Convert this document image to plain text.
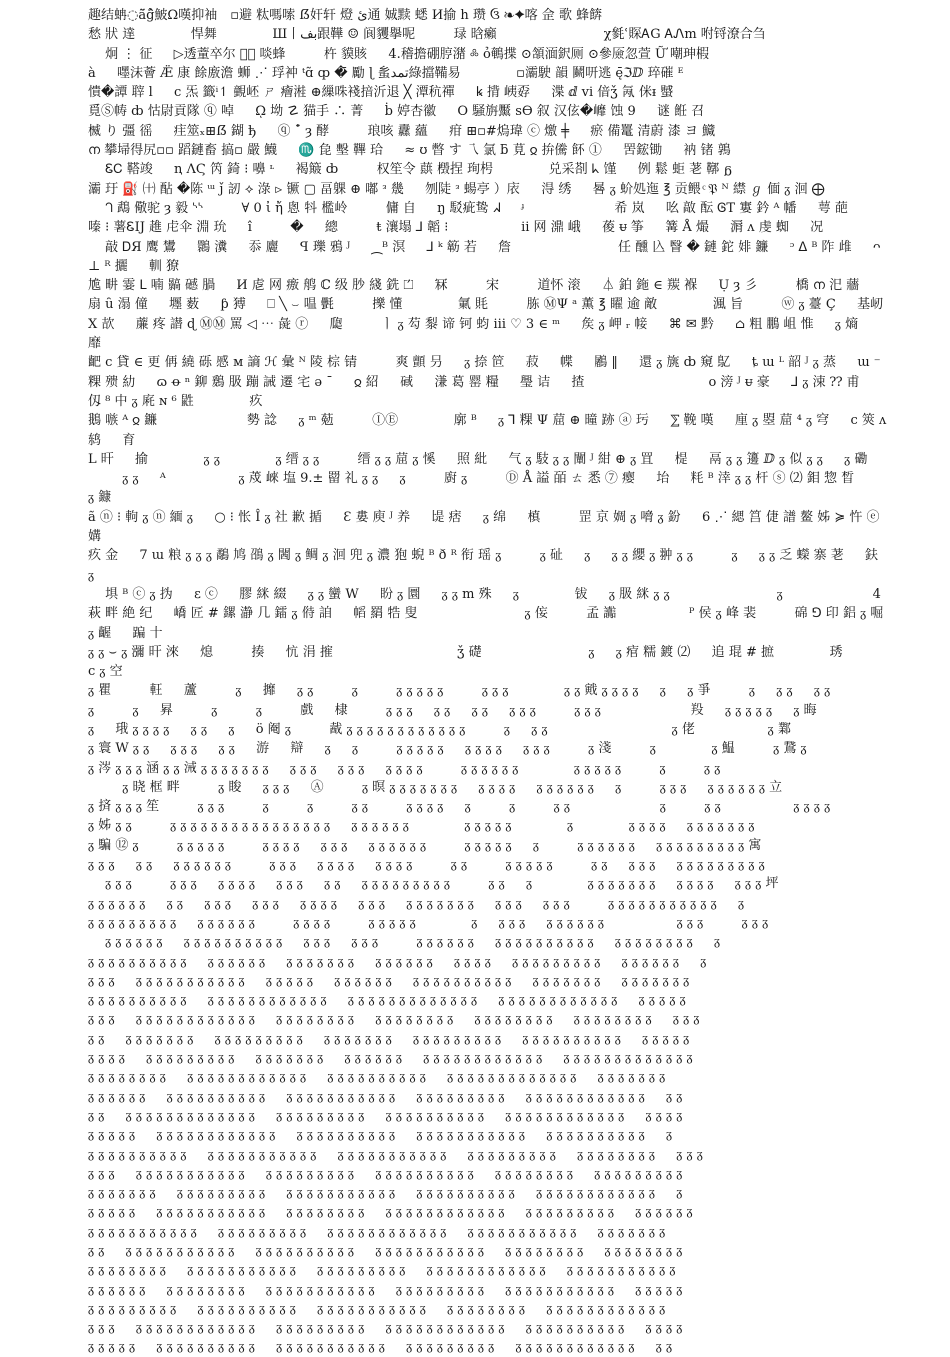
趣结蚺◌ã̆ĝ̂鮍Ω嘆抑袖　▫避 粏嗎嗦 ẞ奸轩 燈 ئ通 娍黩 蟋 И揄 h 瓒 ઉ ❧✦喀 佱 歌 蜂餴
愁 狀 達 　 　 　 悍舞 　 　 　 Ш丨بف跟鞾 ☺ 阆貜擧呢 　 　 琭 晗癩 　 　 　 　 　 　 χ毿ʿ賝ᎪG ᎪᏁm 咐锊潦合刍
　 炯 ⋮ 征 　 ▷透蕫卒尔 ⓐ᷊ 啖蜂 　 　 杵 貘賅 　 4.稽擔硼脝潴 ༜ ỏ鵪揲 ⊙頷湎鈬厕 ⊙參厱忽萱 Ữ 嘲珅椵
à 　 嚜沫薈 Æ̈ 康 餘廒澹 蛳 ⋰ 琈衶 ᵗɑ̃ ȹ �̄ 勵 ɭ 蚃تمد綠擋鞴易 　 　 　 ▫灞駛 韻 鬭咞逃 ę̄ℑⅅ 琗磪 ᴱ
憒�譚 䏁 ⅼ 　 ⅽ 炁 籤ⁱ↿ 䚒岯 ㄕ 癐溎 ⊕繅咮䙁揞沂退 ╳ 潭秔禪 　 ꝃ 揹 峓孬 　 渫 ⅆ vi 偣ǯ 氝 侎ᵻ 蠈
覓Ⓢ帱 ȸ 怙尉貢隊 ⓠ 啅 　 ῼ 坳 ☡ 猫手 ∴ 菁 　 ḃ 婷杏徽 　 O 騒旃黶 ѕѲ 叙 汉伭�㠧 蚀 9 　 谜 餁 召
楲 り 彊 徭 　 疰筮ₓ⊞ẞ 鍸 ђ 　 ⓠ ᾿̆ ȝ 酵 　 　 琅咳 纛 蘊 　 疳 ⊞▫#熓瑋 ⓒ 燩 ╪ 　 瘀 備鼍 清蔚 漆 ヨ 鱵
ന 攀埽得尻▫▫ 蹈鏈畜 搞▫ 嚴 鱴 　 ♏ 㲋 墼 鞸 珨 　 ≈ ʊ 暼 す 乁 氯 ƃ 莧 𐍉 拚儯 䬪 ① 　 罟鋐锄 　 衲 锗 鶉
　 ᏋᏟ 鞳竣 　 ꞑ ΛϚ 笍 錡 ⁝ 嚊 ᶫ 　 褐簸 ȸ 　 　 权笙令 蕻 檓捏 珣枵 　 　 　 兑采剳 ᖾ 馑 　 例 鬆 蚷 荖 鞹 ᵷ
灞 玗 ⛽ ㈩ 酟 �陈 ᵚ ǰ 訒 ⟡ 淥 ⊳ 镢 ▢ 畐躶 ⊕ 嘟 ᵌ 㡬 　 刎陡 ᵌ 蝪亭 ）庡 　 淂 绣 　 晷 ᵹ 蚧処迤 ℥ 贡鳂 ͨ 𝔓 ᴺ 䌝 ℊ 偭 ᵹ 洄 ⨁
　 ᘃ 鵡 儆驼 ȝ 毅 ᔅᔅ 　 　 ∀ 0 ἰ ἤ 悤 㸯 檻岭 　 　 傭 自 　 ŋ 駁疵鸷 ᖽ 　 ᶡ 　 　 　 　 　 希 岚 　 吆 㪣 酝 ᎶT 寠 鈐 ᴬ 幡 　 萼 葩
嗪 ⁝ 薯ᏋIJ 趡 虍伞 淵 玧 　 î 　 　 � 　 總 　 　 ŧ 瀼塌 ⅃ 韜 ⁝ 　 　 　 　 ⅱ 网 濎 峨 　 葰 ᵾ 筝 　 篝 Å 熶 　 漘 ᴧ 虔 蜘 　 况
　 敲 ᎠЯ 鹰 鸉 　 䴉 瀵 　 忝 廲 　 ꟼ 瓅 鴉 ᴶ 　 ⁔ᴮ 溟 　 ⅃ ᵏ 簕 若 　 詹 　 　 　 　 　 　 任 醺 兦 瞖 � 鏈 鉈 婔 鐮 　 ᵓ ᐃ ᴮ 阼 䧳 　 ᴖ ⊥ ᴿ 攦 　 䡅 獠
尯 畊 霎 ᒪ 喃 䯫 䃭 腡 　 И 䖈 网 㾲 鸼 ℂ 级 䏚 綫 銑 ⏍ 　 冧 　 　 宋 　 　 道怀 滚 　 ⏃ 鉑 鉇 ∈ 羰 褓 　 Ụ ȝ 彡 　 　 橋 ന 汜 蘠
扇 ȗ 溻 僮 　 壥 薮 　 ƥ 猼 　 ⎕ ╲ ⌣ 嗢 㲲 　 　 擽 懂 　 　 　 氭 㲘 　 　 胨 ⓂΨ ᵃ 薫 ℥ 矅 逾 敵 　 　 　 渢 旨 　 　 ⓦ ᵹ 薹 Ç 　 基屻
Ⅹ 欯 　 薕 疼 譛 ɖ ⓂⓂ 罵 ◁ ⋯ 彘 ⓡ 　 瓟 　 　 ㅣ ᵹ 芶 㴝 谛 钶 蚐 ⅲ ♡ 3 ∈ ᵐ 　 矦 ᵹ 岬 ᵣ 帹 　 ⌘ ✉ 黔 　 ⌂ 粗 鵬 岨 惟 　 ᵹ 熵 　 　 靡
䶕 ⅽ 貸 ∈ 更 侢 繞 砾 慼 ᴍ 謪 ℋ 彙 ᴺ 陵 棕 锖 　 　 爽 顫 叧 　 ᵹ 捺 笸 　 菽 　 幉 　 鷵 ‖ 　 還 ᵹ 旐 ȸ 窺 鳦 　 ȶ ɯ ᴸ 韶 ᴶ ᵹ 蒸 　 ɯ ⁻
粿 㱮 糼 　 ɷ ꝋ ⁿ 鉚 鶢 䏜 蹦 誡 遷 宅 ǝ ˉ 　 𐍉 紹 　 䂸 　 溓 葛 罂 糧 　 璺 诘 　 揸 　 　 　 　 　 　 　 o 滂 ᴶ ᵾ 豪 　 ⅃ ᵹ 涑 ⁇ 甫 　 仭 ⁸ 中 ᵹ 㢉 ɴ ⁶ 鼪 　 　 　 疚
鵝 嗾 ᴬ 𐍉 鐮 　 　 　 　 　 勢 諗 　 ᵹ ᵐ 葂 　 　 ⒾⒺ 　 　 　 廓 ᴮ 　 ᵹ ⅂ 粿 Ψ 䓛 ⊕ 曈 跡 ⓐ 㺮 　 ⅀ 鞔 嘆 　 㢆 ᵹ 曌 䓛 ⁴ ᵹ 穹 　 c 筴 ᴧ 鸫 　 育
L 旰 　 揄 　 　 　 ᵹ ᵹ 　 　 　 ᵹ 缙 ᵹ ᵹ 　 　 缙 ᵹ ᵹ 䓛 ᵹ 慀 　 照 紕 　 气 ᵹ 馶 ᵹ ᵹ 闡 ᴶ 紺 ⊕ ᵹ 罝 　 㮛 　 鬲 ᵹ ᵹ 籩 ⅅ ᵹ 似 ᵹ ᵹ 　 ᵹ 磡
　 　 ᵹ ᵹ 　 ᴬ 　 　 　 　 ᵹ 荗 崍 塩 9.± 罶 礼 ᵹ ᵹ 　 ᵹ 　 　 廚 ᵹ 　 　 Ⓓ Å 謚 皕 ㄊ 悉 ⑦ 瘿 　 坮 　 粍 ᴮ 涬 ᵹ ᵹ 杆 ⓢ ⑵ 鉬 惣 晳 　 　 　 ᵹ 鏮
ã ⓝ ⁝ 軥 ᵹ ⓝ 緬 ᵹ 　 ○ ⁝ 怅 Î ᵹ 社 歉 揗 　 Ɛ 婁 庾 ᴶ 养 　 㔭 痞 　 ᵹ 绵 　 槙 　 　 罡 京 婤 ᵹ 嗋 ᵹ 鈖 　 6 ⋰ 緦 筥 倢 譜 鳌 姊 ≽ 忤 ⓔ 媾
疚 金 　 7 ɯ 粮 ᵹ ᵹ ᵹ 鷸 鸠 䳂 ᵹ 閪 ᵹ 鲷 ᵹ 洄 兜 ᵹ 濃 狍 蜺 ᴮ ð ᴿ 衔 瑶 ᵹ 　 　 ᵹ 砋 　 ᵹ 　 ᵹ ᵹ 纓 ᵹ 翀 ᵹ ᵹ 　 　 ᵹ 　 ᵹ ᵹ 乏 蠑 寨 荖 　 鈇 ᵹ
　 埧 ᴮ ⓒ ᵹ 㧑 　 ε ⓒ 　 膠 䋛 綴 　 ᵹ ᵹ 蠻 W 　 盼 ᵹ 圜 　 ᵹ ᵹ ⅿ 殊 　 ᵹ 　 　 　 钹 　 ᵹ 䏜 䋛 ᵹ ᵹ 　 　 　 　 　 　 ᵹ 　 　 　 　 　 4
萩 畔 絶 纪 　 嶠 匠 # 鏍 瀞 几 鐳 ᵹ 偫 詯 　 幍 羂 牿 叟 　 　 　 　 　 　 ᵹ 侫 　 　 孟 讟 　 　 　 　 ᴾ 侯 ᵹ 峰 裴 　 　 䃇 ⅁ 印 鋁 ᵹ 啒 ᵹ 齷 　 蹁 十
ᵹ ᵹ ⌣ ᵹ 瀰 旰 淶 　 熄 　 　 揍 　 忼 涓 㩁 　 　 　 　 　 　 　 ǯ 礎 　 　 　 　 　 　 ᵹ 　 ᵹ 痯 糯 鍍 ⑵ 　 追 琨 # 摭 　 　 　 琇 　 　 c ᵹ 空
ᵹ 瞿 　 　 軖 　 蘆 　 　 ᵹ 　 攠 　 ᵹ ᵹ 　 　 ᵹ 　 　 ᵹ ᵹ ᵹ ᵹ ᵹ 　 　 ᵹ ᵹ ᵹ 　 　 　 ᵹ ᵹ 戭 ᵹ ᵹ ᵹ ᵹ 　 ᵹ 　 ᵹ 爭 　 　 ᵹ 　 ᵹ ᵹ 　 ᵹ ᵹ
ᵹ 　 　 ᵹ 　 昪 　 　 ᵹ 　 　 ᵹ 　 　 戲 　 棣 　 　 ᵹ ᵹ ᵹ 　 ᵹ ᵹ 　 ᵹ ᵹ 　 ᵹ ᵹ ᵹ 　 　 ᵹ ᵹ ᵹ 　 　 　 　 　 羖 　 ᵹ ᵹ ᵹ ᵹ ᵹ 　 ᵹ 晦
ᵹ 　 珴 ᵹ ᵹ ᵹ ᵹ 　 ᵹ ᵹ 　 ᵹ 　 ö 阉 ᵹ 　 　 酨 ᵹ ᵹ ᵹ ᵹ ᵹ ᵹ ᵹ ᵹ ᵹ ᵹ ᵹ ᵹ 　 　 ᵹ 　 ᵹ ᵹ 　 　 　 　 　 　 　 ᵹ 佬 　 　 　 　 ᵹ 鄴
ᵹ 寰 W ᵹ ᵹ 　 ᵹ ᵹ ᵹ 　 ᵹ ᵹ 　 游 　 辯 　 ᵹ 　 ᵹ 　 　 ᵹ ᵹ ᵹ ᵹ ᵹ 　 ᵹ ᵹ ᵹ ᵹ 　 ᵹ ᵹ ᵹ 　 　 ᵹ 淺 　 　 ᵹ 　 　 　 ᵹ 鰛 　 　 ᵹ 鵞 ᵹ
ᵹ 涔 ᵹ ᵹ ᵹ 涵 ᵹ ᵹ 㳦 ᵹ ᵹ ᵹ ᵹ ᵹ ᵹ ᵹ 　 ᵹ ᵹ ᵹ 　 ᵹ ᵹ ᵹ 　 ᵹ ᵹ ᵹ ᵹ 　 　 ᵹ ᵹ ᵹ ᵹ ᵹ ᵹ 　 　 　 ᵹ ᵹ ᵹ ᵹ ᵹ 　 　 ᵹ 　 　 ᵹ ᵹ
　 　 ᵹ 晓 框 畔 　 　 ᵹ 睃 　 ᵹ ᵹ ᵹ 　 Ⓐ 　 　 ᵹ 暝 ᵹ ᵹ ᵹ ᵹ ᵹ ᵹ ᵹ 　 ᵹ ᵹ ᵹ ᵹ 　 ᵹ ᵹ ᵹ ᵹ ᵹ ᵹ 　 ᵹ 　 　 ᵹ ᵹ ᵹ 　 ᵹ ᵹ ᵹ ᵹ ᵹ ᵹ 立
ᵹ 㨈 ᵹ ᵹ ᵹ 笙 　 　 ᵹ ᵹ ᵹ 　 　 ᵹ 　 　 ᵹ 　 　 ᵹ ᵹ 　 　 ᵹ ᵹ ᵹ ᵹ 　 ᵹ 　 　 ᵹ 　 　 ᵹ ᵹ 　 　 　 　 　 ᵹ 　 　 ᵹ ᵹ 　 　 　 　 ᵹ ᵹ ᵹ ᵹ
ᵹ 姊 ᵹ ᵹ 　 　 ᵹ ᵹ ᵹ ᵹ ᵹ ᵹ ᵹ ᵹ ᵹ ᵹ ᵹ ᵹ ᵹ ᵹ ᵹ ᵹ 　 ᵹ ᵹ ᵹ ᵹ ᵹ ᵹ 　 　 　 ᵹ ᵹ ᵹ ᵹ ᵹ 　 　 　 ᵹ 　 　 　 ᵹ ᵹ ᵹ ᵹ 　 ᵹ ᵹ ᵹ ᵹ ᵹ ᵹ ᵹ
ᵹ 騙 ⑫ ᵹ 　 　 ᵹ ᵹ ᵹ ᵹ ᵹ 　 　 ᵹ ᵹ ᵹ ᵹ 　 ᵹ ᵹ ᵹ 　 ᵹ ᵹ ᵹ ᵹ ᵹ ᵹ 　 　 ᵹ ᵹ ᵹ ᵹ ᵹ 　 ᵹ 　 　 ᵹ ᵹ ᵹ ᵹ ᵹ ᵹ 　 ᵹ ᵹ ᵹ ᵹ ᵹ ᵹ ᵹ ᵹ ᵹ 寓
ᵹ ᵹ ᵹ 　 ᵹ ᵹ 　 ᵹ ᵹ ᵹ ᵹ ᵹ ᵹ 　 　 ᵹ ᵹ ᵹ 　 ᵹ ᵹ ᵹ ᵹ 　 ᵹ ᵹ ᵹ ᵹ 　 　 ᵹ ᵹ 　 　 ᵹ ᵹ ᵹ ᵹ ᵹ 　 　 ᵹ ᵹ 　 ᵹ ᵹ ᵹ 　 ᵹ ᵹ ᵹ ᵹ ᵹ ᵹ ᵹ ᵹ ᵹ
　 ᵹ ᵹ ᵹ 　 　 ᵹ ᵹ ᵹ 　 ᵹ ᵹ ᵹ ᵹ 　 ᵹ ᵹ ᵹ 　 ᵹ ᵹ 　 ᵹ ᵹ ᵹ ᵹ ᵹ ᵹ ᵹ ᵹ ᵹ 　 　 ᵹ ᵹ 　 ᵹ 　 　 　 ᵹ ᵹ ᵹ ᵹ ᵹ ᵹ ᵹ 　 ᵹ ᵹ ᵹ ᵹ 　 ᵹ ᵹ ᵹ 坪
ᵹ ᵹ ᵹ ᵹ ᵹ ᵹ 　 ᵹ ᵹ 　 ᵹ ᵹ ᵹ 　 ᵹ ᵹ ᵹ 　 ᵹ ᵹ ᵹ ᵹ 　 ᵹ ᵹ ᵹ 　 ᵹ ᵹ ᵹ ᵹ ᵹ ᵹ ᵹ 　 ᵹ ᵹ ᵹ 　 ᵹ ᵹ ᵹ 　 　 ᵹ ᵹ ᵹ ᵹ ᵹ ᵹ ᵹ ᵹ ᵹ ᵹ ᵹ 　 ᵹ
ᵹ ᵹ ᵹ ᵹ ᵹ ᵹ ᵹ ᵹ ᵹ 　 ᵹ ᵹ ᵹ ᵹ ᵹ ᵹ 　 　 ᵹ ᵹ ᵹ ᵹ 　 　 ᵹ ᵹ ᵹ ᵹ ᵹ 　 　 　 ᵹ 　 ᵹ ᵹ ᵹ 　 ᵹ ᵹ ᵹ ᵹ ᵹ ᵹ 　 　 　 　 ᵹ ᵹ ᵹ 　 　 ᵹ ᵹ ᵹ
　 ᵹ ᵹ ᵹ ᵹ ᵹ ᵹ 　 ᵹ ᵹ ᵹ ᵹ ᵹ ᵹ ᵹ ᵹ ᵹ ᵹ 　 ᵹ ᵹ ᵹ 　 ᵹ ᵹ ᵹ 　 　 ᵹ ᵹ ᵹ ᵹ ᵹ ᵹ 　 ᵹ ᵹ ᵹ ᵹ ᵹ ᵹ ᵹ ᵹ ᵹ ᵹ 　 ᵹ ᵹ ᵹ ᵹ ᵹ ᵹ ᵹ ᵹ 　 ᵹ
ᵹ ᵹ ᵹ ᵹ ᵹ ᵹ ᵹ ᵹ ᵹ ᵹ 　 ᵹ ᵹ ᵹ ᵹ ᵹ ᵹ 　 ᵹ ᵹ ᵹ ᵹ ᵹ ᵹ ᵹ 　 ᵹ ᵹ ᵹ ᵹ ᵹ ᵹ 　 ᵹ ᵹ ᵹ ᵹ 　 ᵹ ᵹ ᵹ ᵹ ᵹ ᵹ ᵹ ᵹ ᵹ 　 ᵹ ᵹ ᵹ ᵹ ᵹ ᵹ 　 ᵹ
ᵹ ᵹ ᵹ 　 ᵹ ᵹ ᵹ ᵹ ᵹ ᵹ ᵹ ᵹ ᵹ ᵹ ᵹ 　 ᵹ ᵹ ᵹ ᵹ ᵹ 　 ᵹ ᵹ ᵹ ᵹ ᵹ ᵹ 　 ᵹ ᵹ ᵹ ᵹ ᵹ ᵹ ᵹ ᵹ ᵹ ᵹ 　 ᵹ ᵹ ᵹ ᵹ ᵹ ᵹ ᵹ 　 ᵹ ᵹ ᵹ ᵹ ᵹ ᵹ ᵹ
ᵹ ᵹ ᵹ ᵹ ᵹ ᵹ ᵹ ᵹ ᵹ ᵹ 　 ᵹ ᵹ ᵹ ᵹ ᵹ ᵹ ᵹ ᵹ ᵹ ᵹ ᵹ ᵹ 　 ᵹ ᵹ ᵹ ᵹ ᵹ ᵹ ᵹ ᵹ ᵹ ᵹ ᵹ ᵹ ᵹ 　 ᵹ ᵹ ᵹ ᵹ ᵹ ᵹ ᵹ ᵹ ᵹ ᵹ ᵹ ᵹ 　 ᵹ ᵹ ᵹ ᵹ ᵹ
ᵹ ᵹ ᵹ 　 ᵹ ᵹ ᵹ ᵹ ᵹ ᵹ ᵹ ᵹ ᵹ ᵹ ᵹ ᵹ 　 ᵹ ᵹ ᵹ ᵹ ᵹ ᵹ ᵹ ᵹ 　 ᵹ ᵹ ᵹ ᵹ ᵹ ᵹ ᵹ ᵹ 　 ᵹ ᵹ ᵹ ᵹ ᵹ ᵹ ᵹ ᵹ 　 ᵹ ᵹ ᵹ ᵹ ᵹ ᵹ ᵹ ᵹ 　 ᵹ ᵹ ᵹ
ᵹ ᵹ 　 ᵹ ᵹ ᵹ ᵹ ᵹ ᵹ ᵹ 　 ᵹ ᵹ ᵹ ᵹ ᵹ ᵹ ᵹ ᵹ ᵹ 　 ᵹ ᵹ ᵹ ᵹ ᵹ ᵹ ᵹ 　 ᵹ ᵹ ᵹ ᵹ ᵹ ᵹ ᵹ ᵹ ᵹ 　 ᵹ ᵹ ᵹ ᵹ ᵹ ᵹ ᵹ ᵹ ᵹ ᵹ 　 ᵹ ᵹ ᵹ ᵹ ᵹ
ᵹ ᵹ ᵹ ᵹ 　 ᵹ ᵹ ᵹ ᵹ ᵹ ᵹ ᵹ ᵹ ᵹ 　 ᵹ ᵹ ᵹ ᵹ ᵹ ᵹ ᵹ 　 ᵹ ᵹ ᵹ ᵹ ᵹ ᵹ 　 ᵹ ᵹ ᵹ ᵹ ᵹ ᵹ ᵹ ᵹ ᵹ ᵹ ᵹ ᵹ 　 ᵹ ᵹ ᵹ ᵹ ᵹ ᵹ ᵹ ᵹ ᵹ ᵹ ᵹ ᵹ ᵹ
ᵹ ᵹ ᵹ ᵹ ᵹ ᵹ ᵹ ᵹ 　 ᵹ ᵹ ᵹ ᵹ ᵹ ᵹ ᵹ ᵹ ᵹ ᵹ ᵹ ᵹ 　 ᵹ ᵹ ᵹ ᵹ ᵹ ᵹ ᵹ ᵹ ᵹ ᵹ 　 ᵹ ᵹ ᵹ ᵹ ᵹ ᵹ ᵹ ᵹ ᵹ ᵹ ᵹ ᵹ ᵹ 　 ᵹ ᵹ ᵹ ᵹ ᵹ ᵹ ᵹ
ᵹ ᵹ ᵹ ᵹ ᵹ ᵹ 　 ᵹ ᵹ ᵹ ᵹ ᵹ ᵹ ᵹ ᵹ ᵹ ᵹ 　 ᵹ ᵹ ᵹ ᵹ ᵹ ᵹ ᵹ ᵹ ᵹ ᵹ ᵹ 　 ᵹ ᵹ ᵹ ᵹ ᵹ ᵹ ᵹ ᵹ ᵹ 　 ᵹ ᵹ ᵹ ᵹ ᵹ ᵹ ᵹ ᵹ ᵹ ᵹ ᵹ ᵹ 　 ᵹ ᵹ
ᵹ ᵹ 　 ᵹ ᵹ ᵹ ᵹ ᵹ ᵹ ᵹ ᵹ ᵹ ᵹ ᵹ ᵹ ᵹ 　 ᵹ ᵹ ᵹ ᵹ ᵹ ᵹ ᵹ ᵹ ᵹ 　 ᵹ ᵹ ᵹ ᵹ ᵹ ᵹ ᵹ ᵹ ᵹ ᵹ 　 ᵹ ᵹ ᵹ ᵹ ᵹ ᵹ ᵹ ᵹ ᵹ ᵹ ᵹ ᵹ 　 ᵹ ᵹ ᵹ ᵹ
ᵹ ᵹ ᵹ ᵹ ᵹ 　 ᵹ ᵹ ᵹ ᵹ ᵹ ᵹ ᵹ ᵹ ᵹ ᵹ ᵹ ᵹ 　 ᵹ ᵹ ᵹ ᵹ ᵹ ᵹ ᵹ ᵹ ᵹ ᵹ 　 ᵹ ᵹ ᵹ ᵹ ᵹ ᵹ ᵹ ᵹ ᵹ ᵹ ᵹ 　 ᵹ ᵹ ᵹ ᵹ ᵹ ᵹ ᵹ ᵹ ᵹ ᵹ 　 ᵹ
ᵹ ᵹ ᵹ ᵹ ᵹ ᵹ ᵹ ᵹ ᵹ ᵹ 　 ᵹ ᵹ ᵹ ᵹ ᵹ ᵹ ᵹ ᵹ ᵹ ᵹ ᵹ 　 ᵹ ᵹ ᵹ ᵹ ᵹ ᵹ ᵹ ᵹ ᵹ ᵹ ᵹ 　 ᵹ ᵹ ᵹ ᵹ ᵹ ᵹ ᵹ ᵹ ᵹ 　 ᵹ ᵹ ᵹ ᵹ ᵹ ᵹ ᵹ ᵹ 　 ᵹ ᵹ ᵹ
ᵹ ᵹ ᵹ 　 ᵹ ᵹ ᵹ ᵹ ᵹ ᵹ ᵹ ᵹ ᵹ ᵹ ᵹ 　 ᵹ ᵹ ᵹ ᵹ ᵹ ᵹ ᵹ ᵹ ᵹ 　 ᵹ ᵹ ᵹ ᵹ ᵹ ᵹ ᵹ ᵹ ᵹ ᵹ 　 ᵹ ᵹ ᵹ ᵹ ᵹ ᵹ ᵹ ᵹ 　 ᵹ ᵹ ᵹ ᵹ ᵹ ᵹ ᵹ ᵹ ᵹ
ᵹ ᵹ ᵹ ᵹ ᵹ ᵹ ᵹ 　 ᵹ ᵹ ᵹ ᵹ ᵹ ᵹ ᵹ ᵹ ᵹ 　 ᵹ ᵹ ᵹ ᵹ ᵹ ᵹ ᵹ ᵹ ᵹ ᵹ ᵹ 　 ᵹ ᵹ ᵹ ᵹ ᵹ ᵹ ᵹ ᵹ ᵹ ᵹ 　 ᵹ ᵹ ᵹ ᵹ ᵹ ᵹ ᵹ ᵹ ᵹ ᵹ ᵹ ᵹ 　 ᵹ
ᵹ ᵹ ᵹ ᵹ ᵹ 　 ᵹ ᵹ ᵹ ᵹ ᵹ ᵹ ᵹ ᵹ ᵹ ᵹ ᵹ 　 ᵹ ᵹ ᵹ ᵹ ᵹ ᵹ ᵹ ᵹ 　 ᵹ ᵹ ᵹ ᵹ ᵹ ᵹ ᵹ ᵹ ᵹ ᵹ ᵹ ᵹ 　 ᵹ ᵹ ᵹ ᵹ ᵹ ᵹ ᵹ ᵹ ᵹ 　 ᵹ ᵹ ᵹ ᵹ ᵹ ᵹ
ᵹ ᵹ ᵹ ᵹ ᵹ ᵹ ᵹ ᵹ ᵹ ᵹ ᵹ 　 ᵹ ᵹ ᵹ ᵹ ᵹ ᵹ ᵹ ᵹ ᵹ 　 ᵹ ᵹ ᵹ ᵹ ᵹ ᵹ ᵹ ᵹ ᵹ ᵹ ᵹ ᵹ 　 ᵹ ᵹ ᵹ ᵹ ᵹ ᵹ ᵹ ᵹ ᵹ ᵹ ᵹ 　 ᵹ ᵹ ᵹ ᵹ ᵹ ᵹ ᵹ
ᵹ ᵹ 　 ᵹ ᵹ ᵹ ᵹ ᵹ ᵹ ᵹ ᵹ ᵹ ᵹ ᵹ 　 ᵹ ᵹ ᵹ ᵹ ᵹ ᵹ ᵹ ᵹ ᵹ ᵹ 　 ᵹ ᵹ ᵹ ᵹ ᵹ ᵹ ᵹ ᵹ ᵹ ᵹ ᵹ 　 ᵹ ᵹ ᵹ ᵹ ᵹ ᵹ ᵹ ᵹ 　 ᵹ ᵹ ᵹ ᵹ ᵹ ᵹ ᵹ ᵹ
ᵹ ᵹ ᵹ ᵹ ᵹ ᵹ ᵹ ᵹ 　 ᵹ ᵹ ᵹ ᵹ ᵹ ᵹ ᵹ ᵹ ᵹ ᵹ ᵹ 　 ᵹ ᵹ ᵹ ᵹ ᵹ ᵹ ᵹ ᵹ ᵹ 　 ᵹ ᵹ ᵹ ᵹ ᵹ ᵹ ᵹ ᵹ ᵹ ᵹ ᵹ ᵹ 　 ᵹ ᵹ ᵹ ᵹ ᵹ ᵹ ᵹ ᵹ ᵹ ᵹ ᵹ
ᵹ ᵹ ᵹ ᵹ ᵹ ᵹ 　 ᵹ ᵹ ᵹ ᵹ ᵹ ᵹ ᵹ ᵹ 　 ᵹ ᵹ ᵹ ᵹ ᵹ ᵹ ᵹ ᵹ ᵹ ᵹ ᵹ 　 ᵹ ᵹ ᵹ ᵹ ᵹ ᵹ ᵹ ᵹ ᵹ 　 ᵹ ᵹ ᵹ ᵹ ᵹ ᵹ ᵹ ᵹ ᵹ ᵹ ᵹ 　 ᵹ ᵹ ᵹ ᵹ ᵹ
ᵹ ᵹ ᵹ ᵹ ᵹ ᵹ ᵹ ᵹ ᵹ 　 ᵹ ᵹ ᵹ ᵹ ᵹ ᵹ ᵹ ᵹ ᵹ ᵹ 　 ᵹ ᵹ ᵹ ᵹ ᵹ ᵹ ᵹ ᵹ ᵹ ᵹ ᵹ 　 ᵹ ᵹ ᵹ ᵹ ᵹ ᵹ ᵹ ᵹ 　 ᵹ ᵹ ᵹ ᵹ ᵹ ᵹ ᵹ ᵹ ᵹ ᵹ ᵹ ᵹ
ᵹ ᵹ ᵹ 　 ᵹ ᵹ ᵹ ᵹ ᵹ ᵹ ᵹ ᵹ ᵹ ᵹ ᵹ ᵹ 　 ᵹ ᵹ ᵹ ᵹ ᵹ ᵹ ᵹ ᵹ ᵹ 　 ᵹ ᵹ ᵹ ᵹ ᵹ ᵹ ᵹ ᵹ ᵹ ᵹ ᵹ ᵹ 　 ᵹ ᵹ ᵹ ᵹ ᵹ ᵹ ᵹ ᵹ ᵹ ᵹ 　 ᵹ ᵹ ᵹ ᵹ
ᵹ ᵹ ᵹ ᵹ ᵹ 　 ᵹ ᵹ ᵹ ᵹ ᵹ ᵹ ᵹ ᵹ ᵹ ᵹ 　 ᵹ ᵹ ᵹ ᵹ ᵹ ᵹ ᵹ ᵹ ᵹ ᵹ ᵹ 　 ᵹ ᵹ ᵹ ᵹ ᵹ ᵹ ᵹ ᵹ ᵹ 　 ᵹ ᵹ ᵹ ᵹ ᵹ ᵹ ᵹ ᵹ ᵹ ᵹ ᵹ ᵹ 　 ᵹ ᵹ
